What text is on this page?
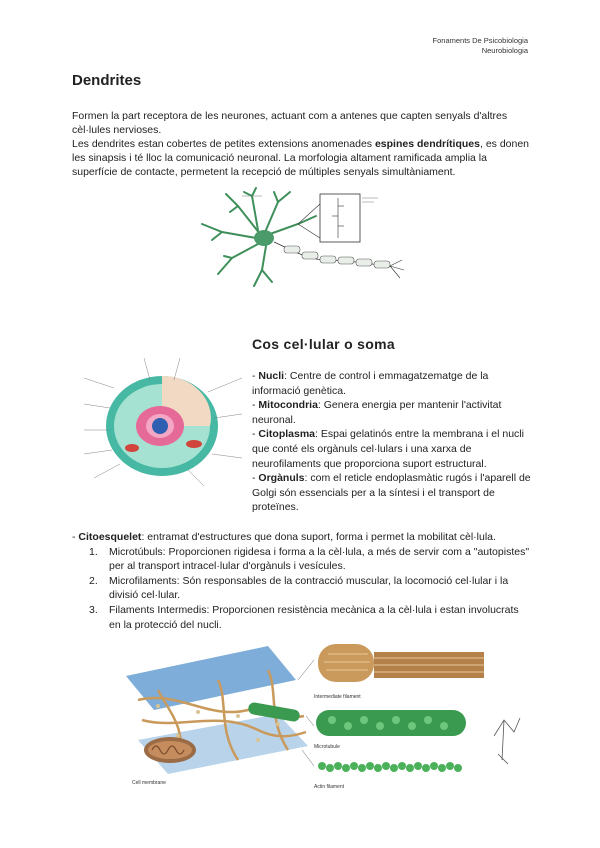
Fonaments De Psicobiologia
Neurobiologia
Dendrites

Formen la part receptora de les neurones, actuant com a antenes que capten senyals d'altres cèl·lules nervioses.

Les dendrites estan cobertes de petites extensions anomenades espines dendrítiques, es donen les sinapsis i té lloc la comunicació neuronal. La morfologia altament ramificada amplia la superfície de contacte, permetent la recepció de múltiples senyals simultàniament.

Cos cel·lular o soma

- Nucli: Centre de control i emmagatzematge de la informació genètica.

- Mitocondria: Genera energia per mantenir l'activitat neuronal.

- Citoplasma: Espai gelatinós entre la membrana i el nucli que conté els orgànuls cel·lulars i una xarxa de neurofilaments que proporciona suport estructural.

- Orgànuls: com el reticle endoplasmàtic rugós i l'aparell de Golgi són essencials per a la síntesi i el transport de proteïnes.

- Citoesquelet: entramat d'estructures que dona suport, forma i permet la mobilitat cèl·lula.

1. Microtúbuls: Proporcionen rigidesa i forma a la cèl·lula, a més de servir com a "autopistes" per al transport intracel·lular d'orgànuls i vesícules.
2. Microfilaments: Són responsables de la contracció muscular, la locomoció cel·lular i la divisió cel·lular.
3. Filaments Intermedis: Proporcionen resistència mecànica a la cèl·lula i estan involucrats en la protecció del nucli.
Intermediate filament
Microtubule
Actin filament
Cell membrane
